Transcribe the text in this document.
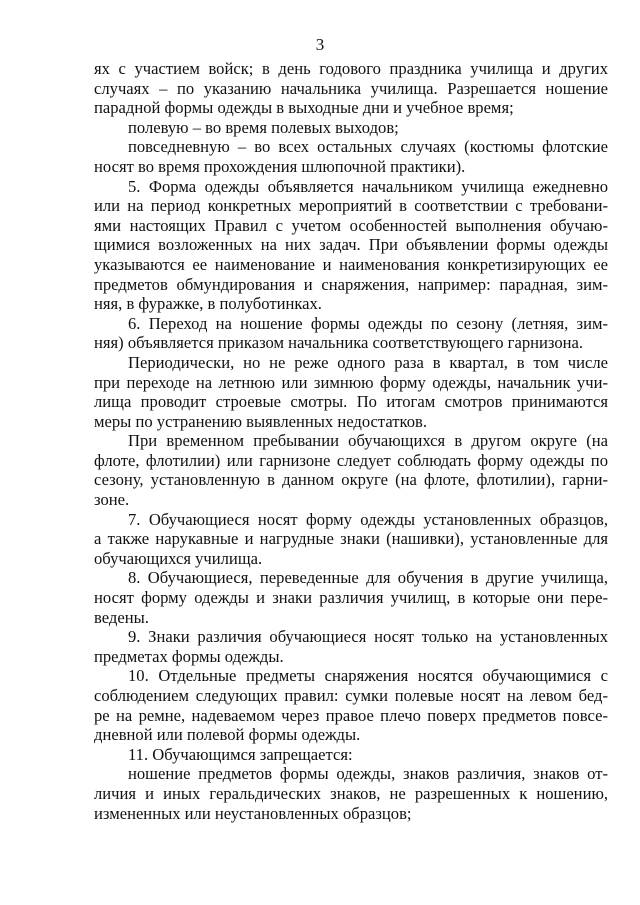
3

ях с участием войск; в день годового праздника училища и других
случаях – по указанию начальника училища. Разрешается ношение
парадной формы одежды в выходные дни и учебное время;

полевую – во время полевых выходов;

повседневную – во всех остальных случаях (костюмы флотские
носят во время прохождения шлюпочной практики).

5. Форма одежды объявляется начальником училища ежедневно
или на период конкретных мероприятий в соответствии с требовани-
ями настоящих Правил с учетом особенностей выполнения обучаю-
щимися возложенных на них задач. При объявлении формы одежды
указываются ее наименование и наименования конкретизирующих ее
предметов обмундирования и снаряжения, например: парадная, зим-
няя, в фуражке, в полуботинках.

6. Переход на ношение формы одежды по сезону (летняя, зим-
няя) объявляется приказом начальника соответствующего гарнизона.

Периодически, но не реже одного раза в квартал, в том числе
при переходе на летнюю или зимнюю форму одежды, начальник учи-
лища проводит строевые смотры. По итогам смотров принимаются
меры по устранению выявленных недостатков.

При временном пребывании обучающихся в другом округе (на
флоте, флотилии) или гарнизоне следует соблюдать форму одежды по
сезону, установленную в данном округе (на флоте, флотилии), гарни-
зоне.

7. Обучающиеся носят форму одежды установленных образцов,
а также нарукавные и нагрудные знаки (нашивки), установленные для
обучающихся училища.

8. Обучающиеся, переведенные для обучения в другие училища,
носят форму одежды и знаки различия училищ, в которые они пере-
ведены.

9. Знаки различия обучающиеся носят только на установленных
предметах формы одежды.

10. Отдельные предметы снаряжения носятся обучающимися с
соблюдением следующих правил: сумки полевые носят на левом бед-
ре на ремне, надеваемом через правое плечо поверх предметов повсе-
дневной или полевой формы одежды.

11. Обучающимся запрещается:

ношение предметов формы одежды, знаков различия, знаков от-
личия и иных геральдических знаков, не разрешенных к ношению,
измененных или неустановленных образцов;
